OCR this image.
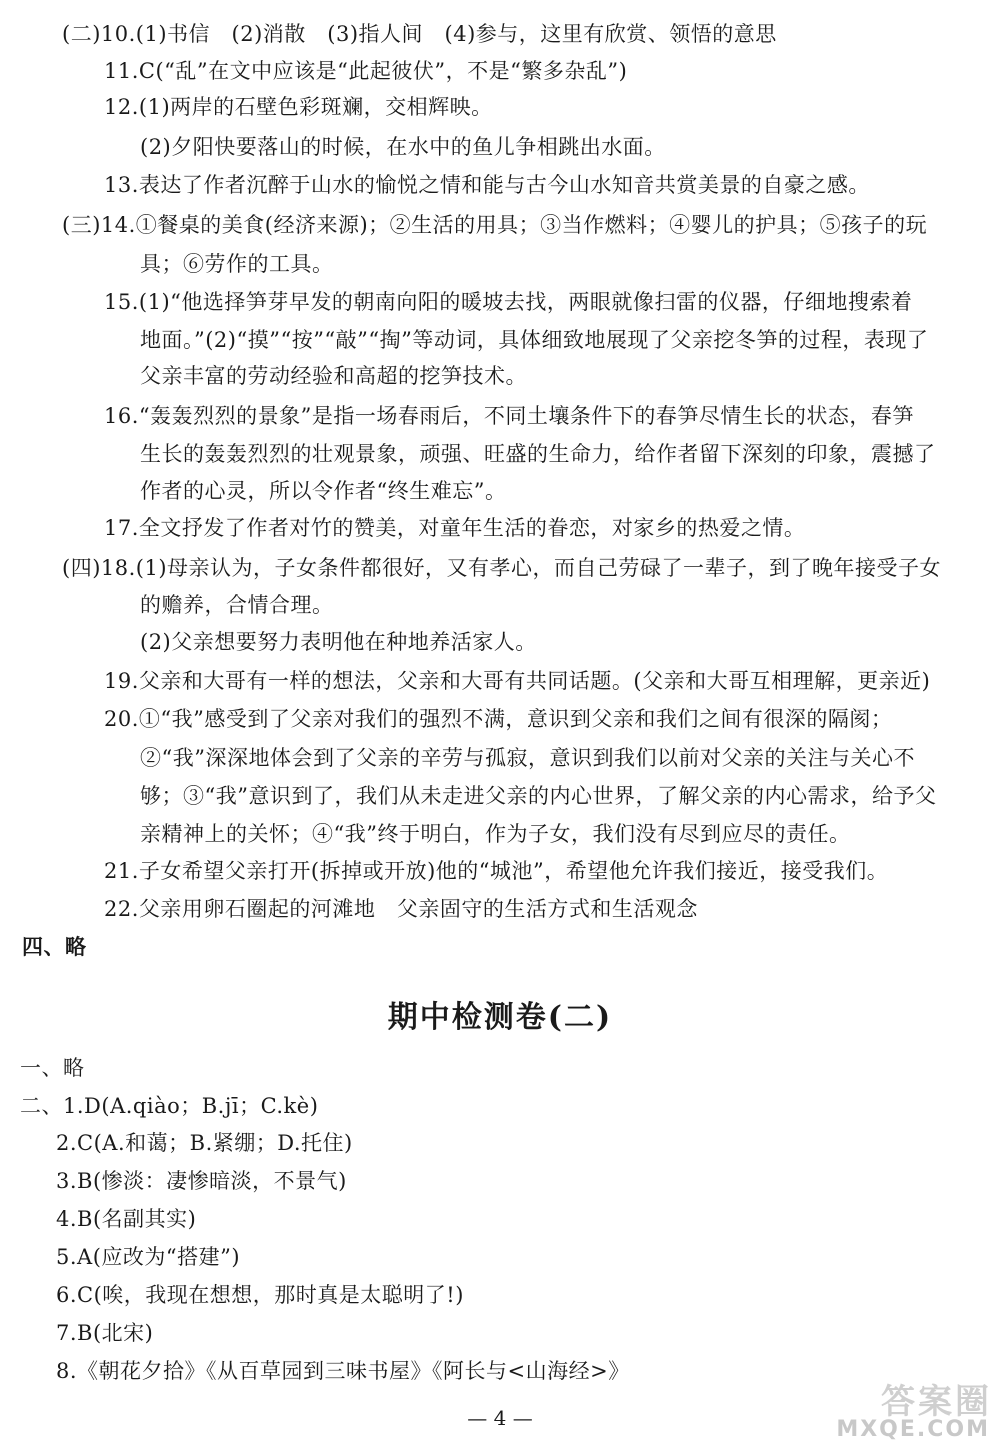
(二)10.(1)书信　(2)消散　(3)指人间　(4)参与，这里有欣赏、领悟的意思
11.C(“乱”在文中应该是“此起彼伏”，不是“繁多杂乱”)
12.(1)两岸的石壁色彩斑斓，交相辉映。
(2)夕阳快要落山的时候，在水中的鱼儿争相跳出水面。
13.表达了作者沉醉于山水的愉悦之情和能与古今山水知音共赏美景的自豪之感。
(三)14.①餐桌的美食(经济来源)；②生活的用具；③当作燃料；④婴儿的护具；⑤孩子的玩
具；⑥劳作的工具。
15.(1)“他选择笋芽早发的朝南向阳的暖坡去找，两眼就像扫雷的仪器，仔细地搜索着
地面。”(2)“摸”“按”“敲”“掏”等动词，具体细致地展现了父亲挖冬笋的过程，表现了
父亲丰富的劳动经验和高超的挖笋技术。
16.“轰轰烈烈的景象”是指一场春雨后，不同土壤条件下的春笋尽情生长的状态，春笋
生长的轰轰烈烈的壮观景象，顽强、旺盛的生命力，给作者留下深刻的印象，震撼了
作者的心灵，所以令作者“终生难忘”。
17.全文抒发了作者对竹的赞美，对童年生活的眷恋，对家乡的热爱之情。
(四)18.(1)母亲认为，子女条件都很好，又有孝心，而自己劳碌了一辈子，到了晚年接受子女
的赡养，合情合理。
(2)父亲想要努力表明他在种地养活家人。
19.父亲和大哥有一样的想法，父亲和大哥有共同话题。(父亲和大哥互相理解，更亲近)
20.①“我”感受到了父亲对我们的强烈不满，意识到父亲和我们之间有很深的隔阂；
②“我”深深地体会到了父亲的辛劳与孤寂，意识到我们以前对父亲的关注与关心不
够；③“我”意识到了，我们从未走进父亲的内心世界，了解父亲的内心需求，给予父
亲精神上的关怀；④“我”终于明白，作为子女，我们没有尽到应尽的责任。
21.子女希望父亲打开(拆掉或开放)他的“城池”，希望他允许我们接近，接受我们。
22.父亲用卵石圈起的河滩地　父亲固守的生活方式和生活观念
四、略
期中检测卷(二)
一、略
二、1.D(A.qiào；B.jī；C.kè)
2.C(A.和蔼；B.紧绷；D.托住)
3.B(惨淡：凄惨暗淡，不景气)
4.B(名副其实)
5.A(应改为“搭建”)
6.C(唉，我现在想想，那时真是太聪明了!)
7.B(北宋)
8.《朝花夕拾》《从百草园到三味书屋》《阿长与<山海经>》
— 4 —	答案圈
MXQE.COM
